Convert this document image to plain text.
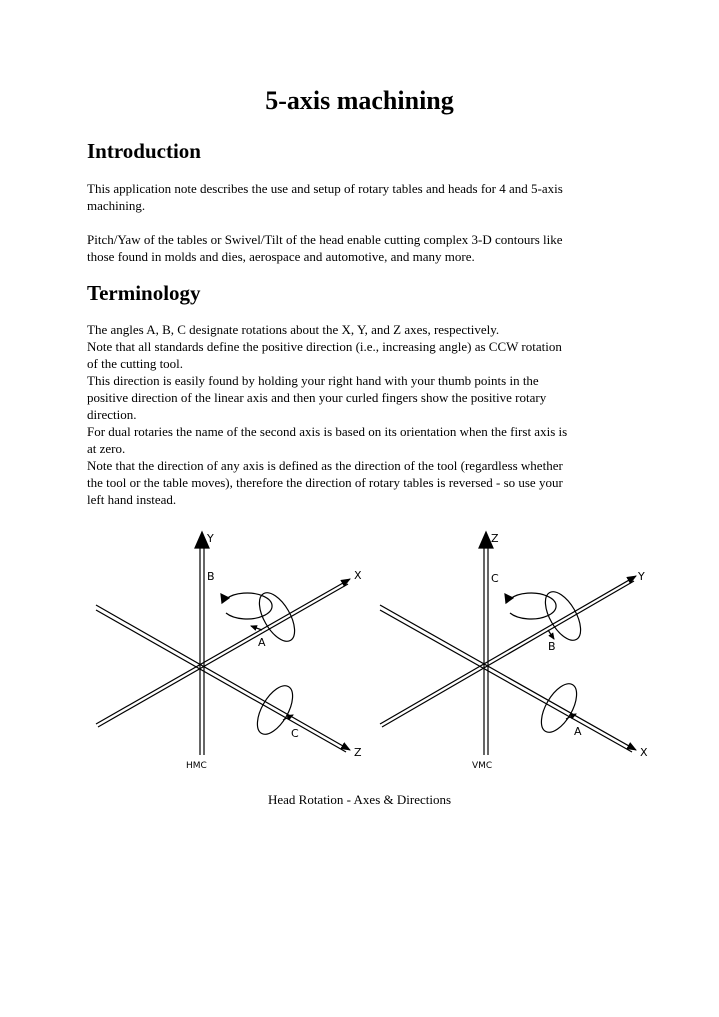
5-axis machining
Introduction

This application note describes the use and setup of rotary tables and heads for 4 and 5-axis
machining.

Pitch/Yaw of the tables or Swivel/Tilt of the head enable cutting complex 3-D contours like
those found in molds and dies, aerospace and automotive, and many more.

Terminology

The angles A, B, C designate rotations about the X, Y, and Z axes, respectively.
Note that all standards define the positive direction (i.e., increasing angle) as CCW rotation
of the cutting tool.
This direction is easily found by holding your right hand with your thumb points in the
positive direction of the linear axis and then your curled fingers show the positive rotary
direction.
For dual rotaries the name of the second axis is based on its orientation when the first axis is
at zero.
Note that the direction of any axis is defined as the direction of the tool (regardless whether
the tool or the table moves), therefore the direction of rotary tables is reversed - so use your
left hand instead.

Y
X
Z
B
A
C
HMC
Z
Y
X
C
B
A
VMC
Head Rotation - Axes & Directions
